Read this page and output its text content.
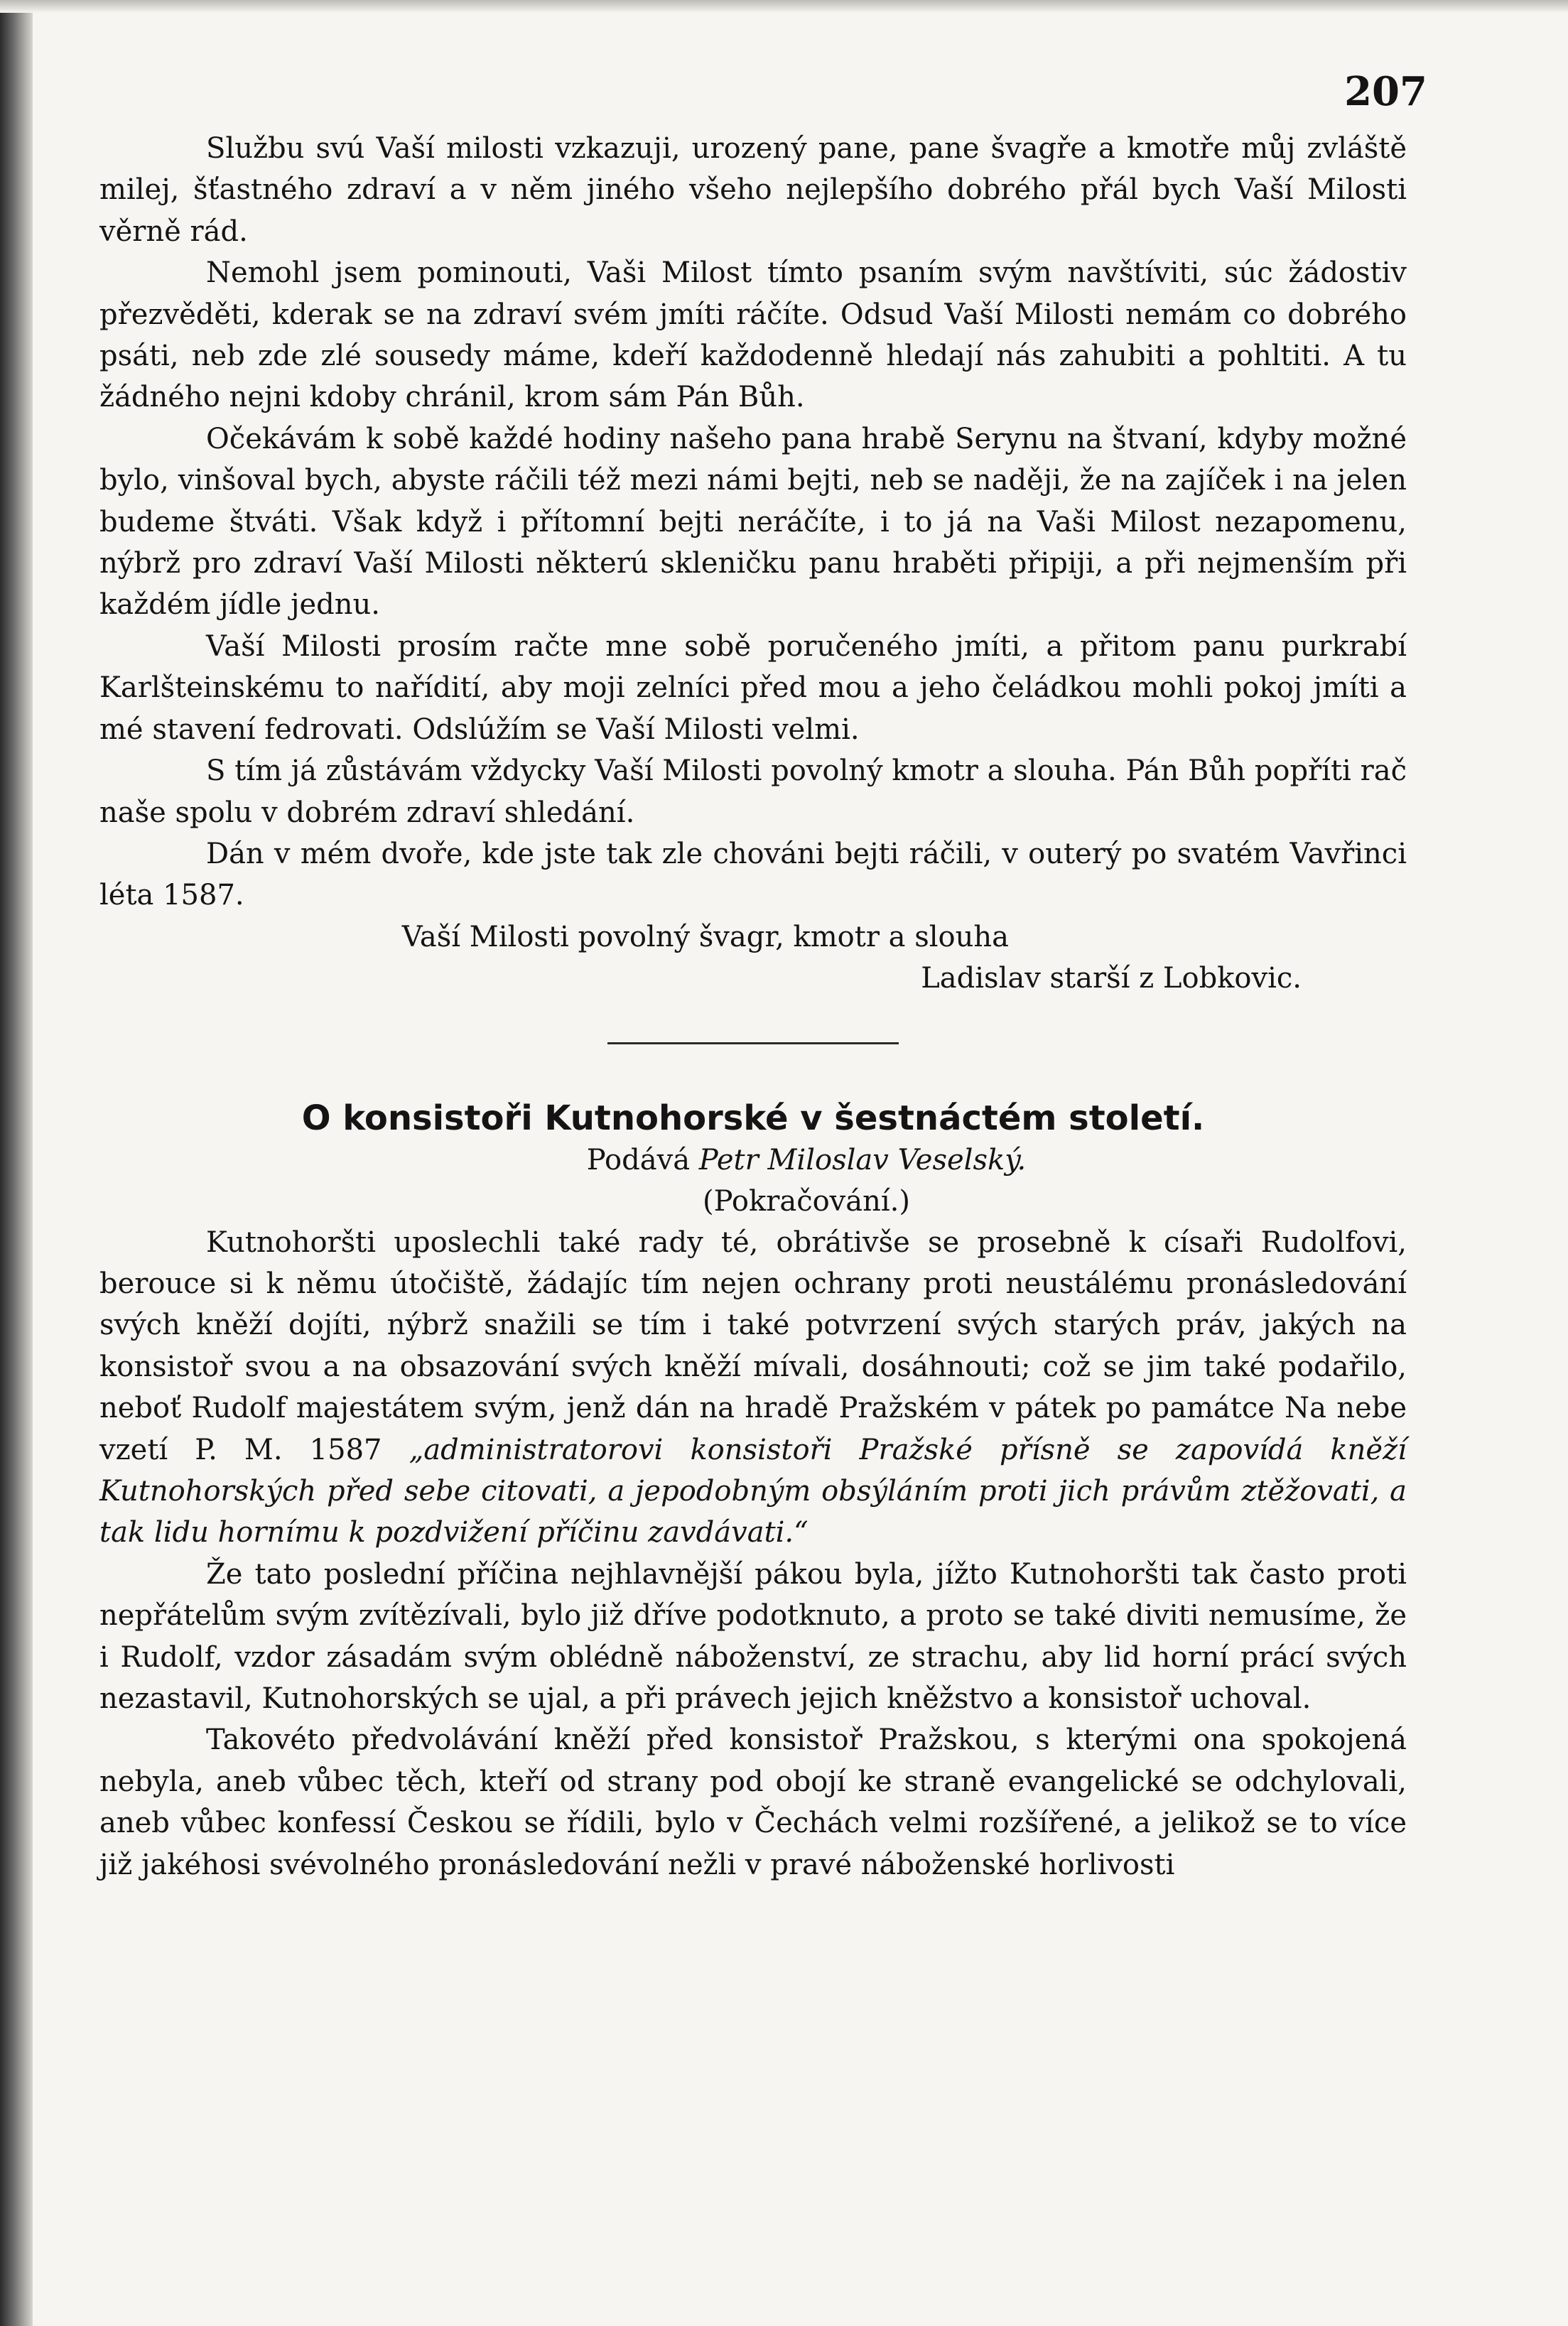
207

Službu svú Vaší milosti vzkazuji, urozený pane, pane švagře a kmotře můj zvláště milej, šťastného zdraví a v něm jiného všeho nejlepšího dobrého přál bych Vaší Milosti věrně rád.

Nemohl jsem pominouti, Vaši Milost tímto psaním svým navštíviti, súc žádostiv přezvěděti, kderak se na zdraví svém jmíti ráčíte. Odsud Vaší Milosti nemám co dobrého psáti, neb zde zlé sousedy máme, kdeří každodenně hledají nás zahubiti a pohltiti. A tu žádného nejni kdoby chránil, krom sám Pán Bůh.

Očekávám k sobě každé hodiny našeho pana hrabě Serynu na štvaní, kdyby možné bylo, vinšoval bych, abyste ráčili též mezi námi bejti, neb se naději, že na zajíček i na jelen budeme štváti. Však když i přítomní bejti neráčíte, i to já na Vaši Milost nezapomenu, nýbrž pro zdraví Vaší Milosti některú skleničku panu hraběti připiji, a při nejmenším při každém jídle jednu.

Vaší Milosti prosím račte mne sobě poručeného jmíti, a přitom panu purkrabí Karlšteinskému to nařídití, aby moji zelníci před mou a jeho čeládkou mohli pokoj jmíti a mé stavení fedrovati. Odslúžím se Vaší Milosti velmi.

S tím já zůstávám vždycky Vaší Milosti povolný kmotr a slouha. Pán Bůh popříti rač naše spolu v dobrém zdraví shledání.

Dán v mém dvoře, kde jste tak zle chováni bejti ráčili, v outerý po svatém Vavřinci léta 1587.

Vaší Milosti povolný švagr, kmotr a slouha

Ladislav starší z Lobkovic.

O konsistoři Kutnohorské v šestnáctém století.

Podává Petr Miloslav Veselský.

(Pokračování.)

Kutnohoršti uposlechli také rady té, obrátivše se prosebně k císaři Rudolfovi, berouce si k němu útočiště, žádajíc tím nejen ochrany proti neustálému pronásledování svých kněží dojíti, nýbrž snažili se tím i také potvrzení svých starých práv, jakých na konsistoř svou a na obsazování svých kněží mívali, dosáhnouti; což se jim také podařilo, neboť Rudolf majestátem svým, jenž dán na hradě Pražském v pátek po památce Na nebe vzetí P. M. 1587 „administratorovi konsistoři Pražské přísně se zapovídá kněží Kutnohorských před sebe citovati, a jepodobným obsýláním proti jich právům ztěžovati, a tak lidu hornímu k pozdvižení příčinu zavdávati.“

Že tato poslední příčina nejhlavnější pákou byla, jížto Kutnohoršti tak často proti nepřátelům svým zvítězívali, bylo již dříve podotknuto, a proto se také diviti nemusíme, že i Rudolf, vzdor zásadám svým oblédně náboženství, ze strachu, aby lid horní prácí svých nezastavil, Kutnohorských se ujal, a při právech jejich kněžstvo a konsistoř uchoval.

Takovéto předvolávání kněží před konsistoř Pražskou, s kterými ona spokojená nebyla, aneb vůbec těch, kteří od strany pod obojí ke straně evangelické se odchylovali, aneb vůbec konfessí Českou se řídili, bylo v Čechách velmi rozšířené, a jelikož se to více již jakéhosi svévolného pronásledování nežli v pravé náboženské horlivosti
